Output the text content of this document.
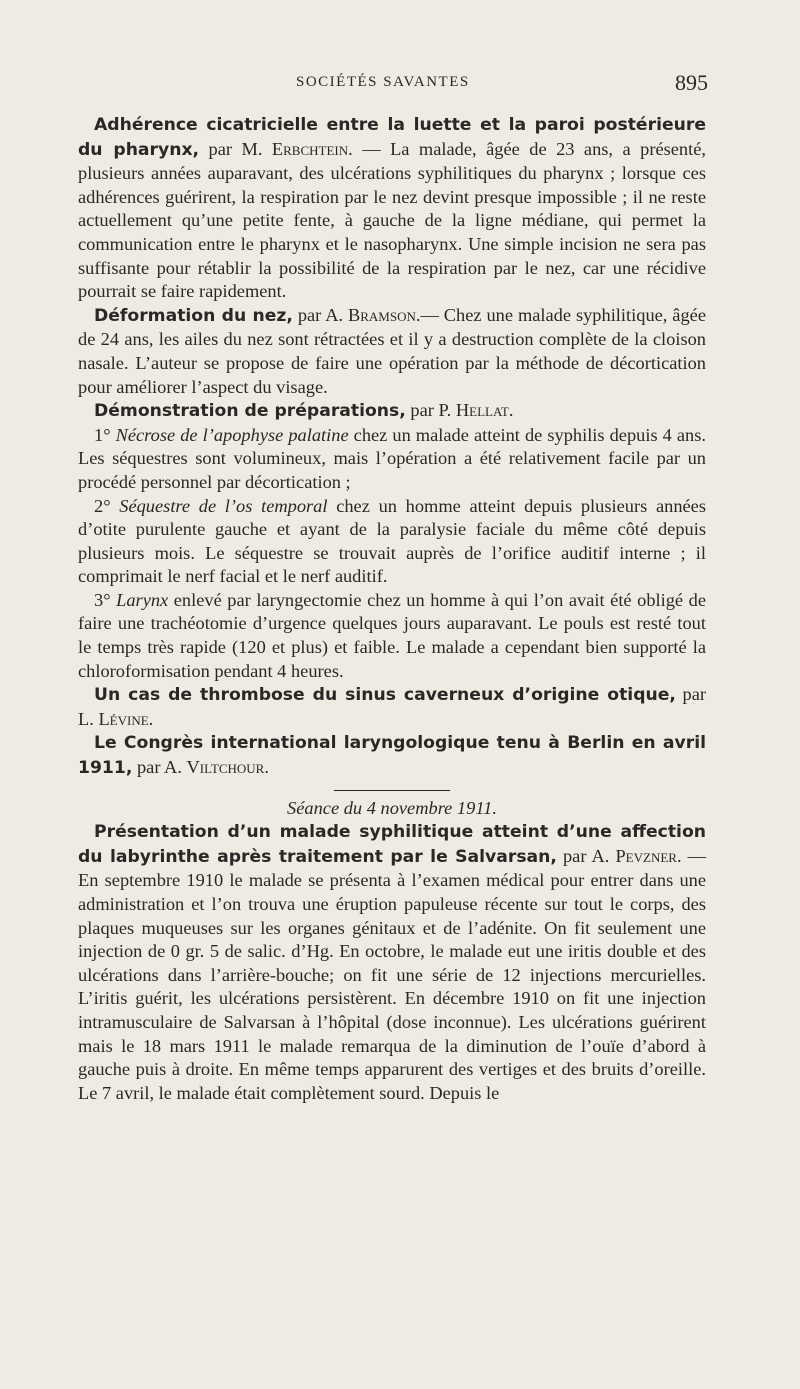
SOCIÉTÉS SAVANTES	895

Adhérence cicatricielle entre la luette et la paroi postérieure du pharynx, par M. Erbchtein. — La malade, âgée de 23 ans, a présenté, plusieurs années auparavant, des ulcérations syphilitiques du pharynx ; lorsque ces adhérences guérirent, la respiration par le nez devint presque impossible ; il ne reste actuellement qu’une petite fente, à gauche de la ligne médiane, qui permet la communication entre le pharynx et le nasopharynx. Une simple incision ne sera pas suffisante pour rétablir la possibilité de la respiration par le nez, car une récidive pourrait se faire rapidement.

Déformation du nez, par A. Bramson.— Chez une malade syphilitique, âgée de 24 ans, les ailes du nez sont rétractées et il y a destruction complète de la cloison nasale. L’auteur se propose de faire une opération par la méthode de décortication pour améliorer l’aspect du visage.

Démonstration de préparations, par P. Hellat.

1° Nécrose de l’apophyse palatine chez un malade atteint de syphilis depuis 4 ans. Les séquestres sont volumineux, mais l’opération a été relativement facile par un procédé personnel par décortication ;

2° Séquestre de l’os temporal chez un homme atteint depuis plusieurs années d’otite purulente gauche et ayant de la paralysie faciale du même côté depuis plusieurs mois. Le séquestre se trouvait auprès de l’orifice auditif interne ; il comprimait le nerf facial et le nerf auditif.

3° Larynx enlevé par laryngectomie chez un homme à qui l’on avait été obligé de faire une trachéotomie d’urgence quelques jours auparavant. Le pouls est resté tout le temps très rapide (120 et plus) et faible. Le malade a cependant bien supporté la chloroformisation pendant 4 heures.

Un cas de thrombose du sinus caverneux d’origine otique, par L. Lévine.

Le Congrès international laryngologique tenu à Berlin en avril 1911, par A. Viltchour.

Séance du 4 novembre 1911.

Présentation d’un malade syphilitique atteint d’une affection du labyrinthe après traitement par le Salvarsan, par A. Pevzner. — En septembre 1910 le malade se présenta à l’examen médical pour entrer dans une administration et l’on trouva une éruption papuleuse récente sur tout le corps, des plaques muqueuses sur les organes génitaux et de l’adénite. On fit seulement une injection de 0 gr. 5 de salic. d’Hg. En octobre, le malade eut une iritis double et des ulcérations dans l’arrière-bouche; on fit une série de 12 injections mercurielles. L’iritis guérit, les ulcérations persistèrent. En décembre 1910 on fit une injection intramusculaire de Salvarsan à l’hôpital (dose inconnue). Les ulcérations guérirent mais le 18 mars 1911 le malade remarqua de la diminution de l’ouïe d’abord à gauche puis à droite. En même temps apparurent des vertiges et des bruits d’oreille. Le 7 avril, le malade était complètement sourd. Depuis le
